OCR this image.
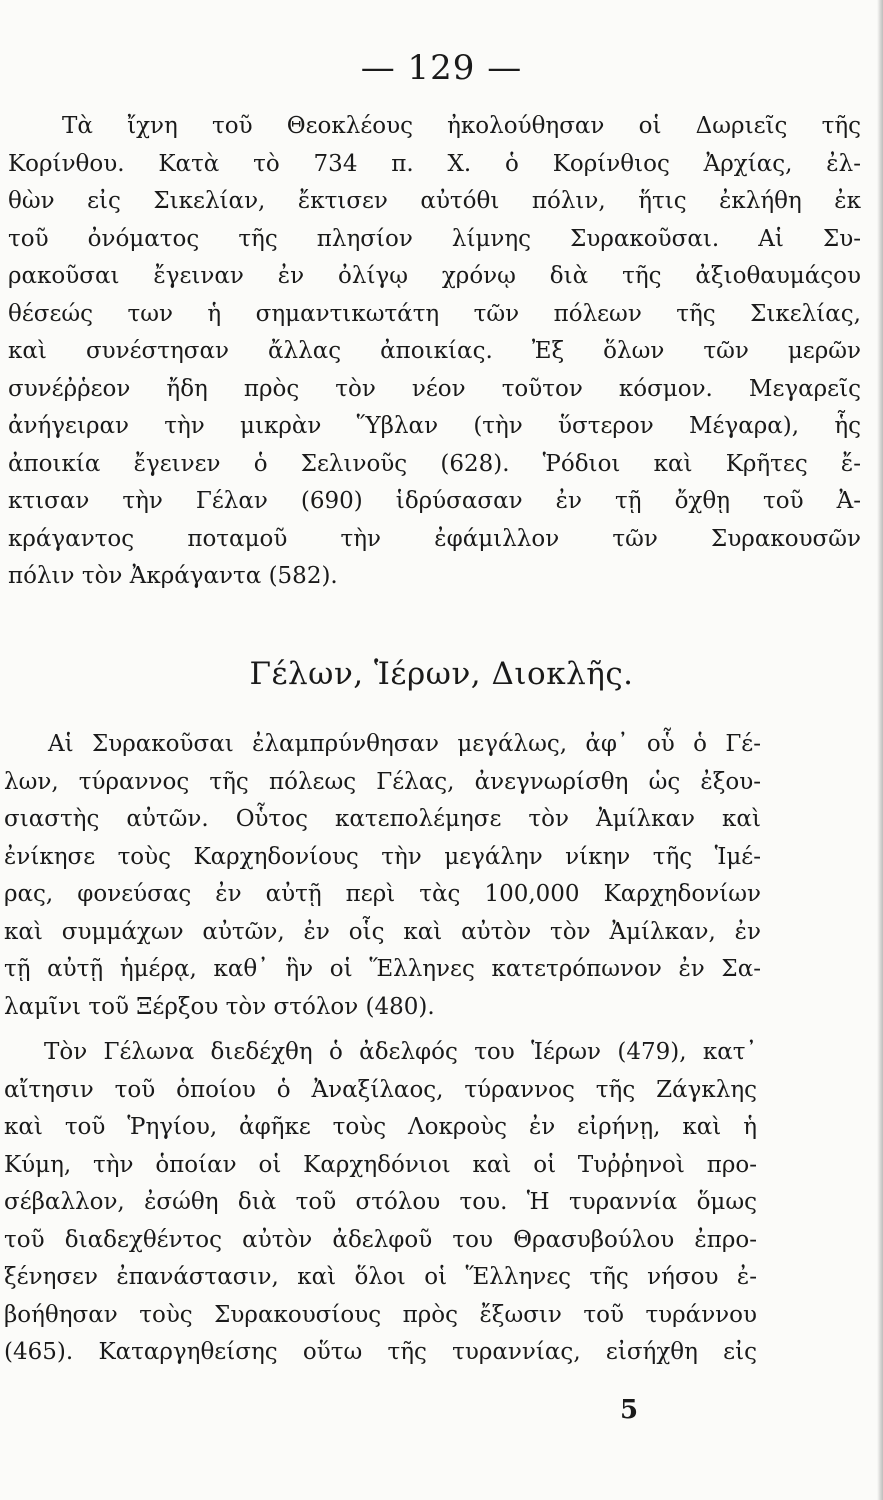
— 129 —
Τὰ ἴχνη τοῦ Θεοκλέους ἠκολούθησαν οἱ Δωριεῖς τῆς
Κορίνθου. Κατὰ τὸ 734 π. Χ. ὁ Κορίνθιος Ἀρχίας, ἐλ-
θὼν εἰς Σικελίαν, ἔκτισεν αὐτόθι πόλιν, ἥτις ἐκλήθη ἐκ
τοῦ ὀνόματος τῆς πλησίον λίμνης Συρακοῦσαι. Αἱ Συ-
ρακοῦσαι ἔγειναν ἐν ὀλίγῳ χρόνῳ διὰ τῆς ἀξιοθαυμάςου
θέσεώς των ἡ σημαντικωτάτη τῶν πόλεων τῆς Σικελίας,
καὶ συνέστησαν ἄλλας ἀποικίας. Ἐξ ὅλων τῶν μερῶν
συνέῤῥεον ἤδη πρὸς τὸν νέον τοῦτον κόσμον. Μεγαρεῖς
ἀνήγειραν τὴν μικρὰν Ὕβλαν (τὴν ὕστερον Μέγαρα), ἧς
ἀποικία ἔγεινεν ὁ Σελινοῦς (628). Ῥόδιοι καὶ Κρῆτες ἔ-
κτισαν τὴν Γέλαν (690) ἱδρύσασαν ἐν τῇ ὄχθῃ τοῦ Ἀ-
κράγαντος ποταμοῦ τὴν ἐφάμιλλον τῶν Συρακουσῶν
πόλιν τὸν Ἀκράγαντα (582).
Γέλων, Ἱέρων, Διοκλῆς.
Αἱ Συρακοῦσαι ἐλαμπρύνθησαν μεγάλως, ἀφ᾽ οὗ ὁ Γέ-
λων, τύραννος τῆς πόλεως Γέλας, ἀνεγνωρίσθη ὡς ἐξου-
σιαστὴς αὐτῶν. Οὗτος κατεπολέμησε τὸν Ἀμίλκαν καὶ
ἐνίκησε τοὺς Καρχηδονίους τὴν μεγάλην νίκην τῆς Ἱμέ-
ρας, φονεύσας ἐν αὐτῇ περὶ τὰς 100,000 Καρχηδονίων
καὶ συμμάχων αὐτῶν, ἐν οἷς καὶ αὐτὸν τὸν Ἀμίλκαν, ἐν
τῇ αὐτῇ ἡμέρᾳ, καθ᾽ ἣν οἱ Ἕλληνες κατετρόπωνον ἐν Σα-
λαμῖνι τοῦ Ξέρξου τὸν στόλον (480).
Τὸν Γέλωνα διεδέχθη ὁ ἀδελφός του Ἱέρων (479), κατ᾽
αἴτησιν τοῦ ὁποίου ὁ Ἀναξίλαος, τύραννος τῆς Ζάγκλης
καὶ τοῦ Ῥηγίου, ἀφῆκε τοὺς Λοκροὺς ἐν εἰρήνῃ, καὶ ἡ
Κύμη, τὴν ὁποίαν οἱ Καρχηδόνιοι καὶ οἱ Τυῤῥηνοὶ προ-
σέβαλλον, ἐσώθη διὰ τοῦ στόλου του. Ἡ τυραννία ὅμως
τοῦ διαδεχθέντος αὐτὸν ἀδελφοῦ του Θρασυβούλου ἐπρο-
ξένησεν ἐπανάστασιν, καὶ ὅλοι οἱ Ἕλληνες τῆς νήσου ἐ-
βοήθησαν τοὺς Συρακουσίους πρὸς ἔξωσιν τοῦ τυράννου
(465). Καταργηθείσης οὕτω τῆς τυραννίας, εἰσήχθη εἰς
5
